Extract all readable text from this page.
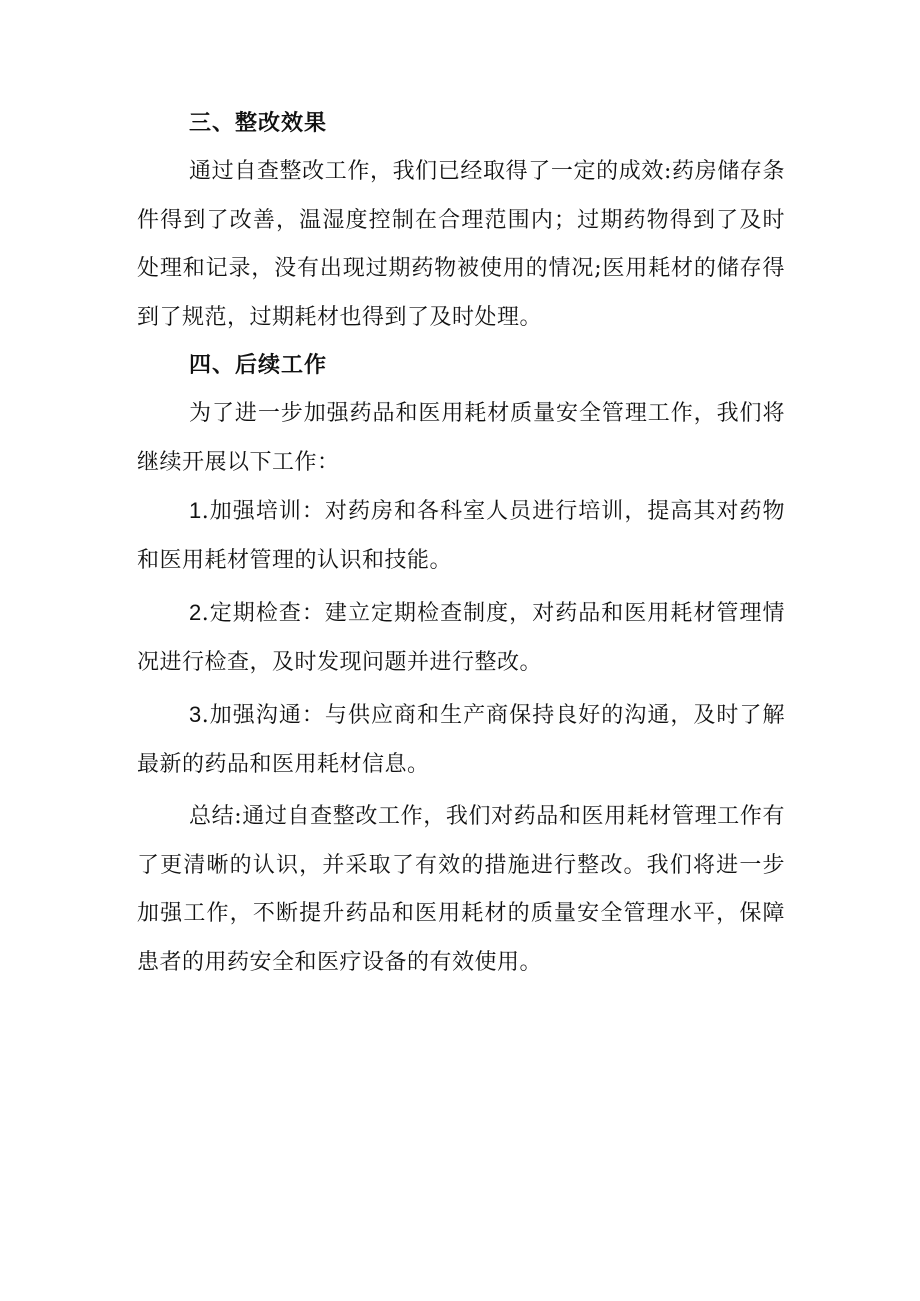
三、整改效果

通过自查整改工作，我们已经取得了一定的成效:药房储存条件得到了改善，温湿度控制在合理范围内；过期药物得到了及时处理和记录，没有出现过期药物被使用的情况;医用耗材的储存得到了规范，过期耗材也得到了及时处理。

四、后续工作

为了进一步加强药品和医用耗材质量安全管理工作，我们将继续开展以下工作：

1.加强培训：对药房和各科室人员进行培训，提高其对药物和医用耗材管理的认识和技能。

2.定期检查：建立定期检查制度，对药品和医用耗材管理情况进行检查，及时发现问题并进行整改。

3.加强沟通：与供应商和生产商保持良好的沟通，及时了解最新的药品和医用耗材信息。

总结:通过自查整改工作，我们对药品和医用耗材管理工作有了更清晰的认识，并采取了有效的措施进行整改。我们将进一步加强工作，不断提升药品和医用耗材的质量安全管理水平，保障患者的用药安全和医疗设备的有效使用。
